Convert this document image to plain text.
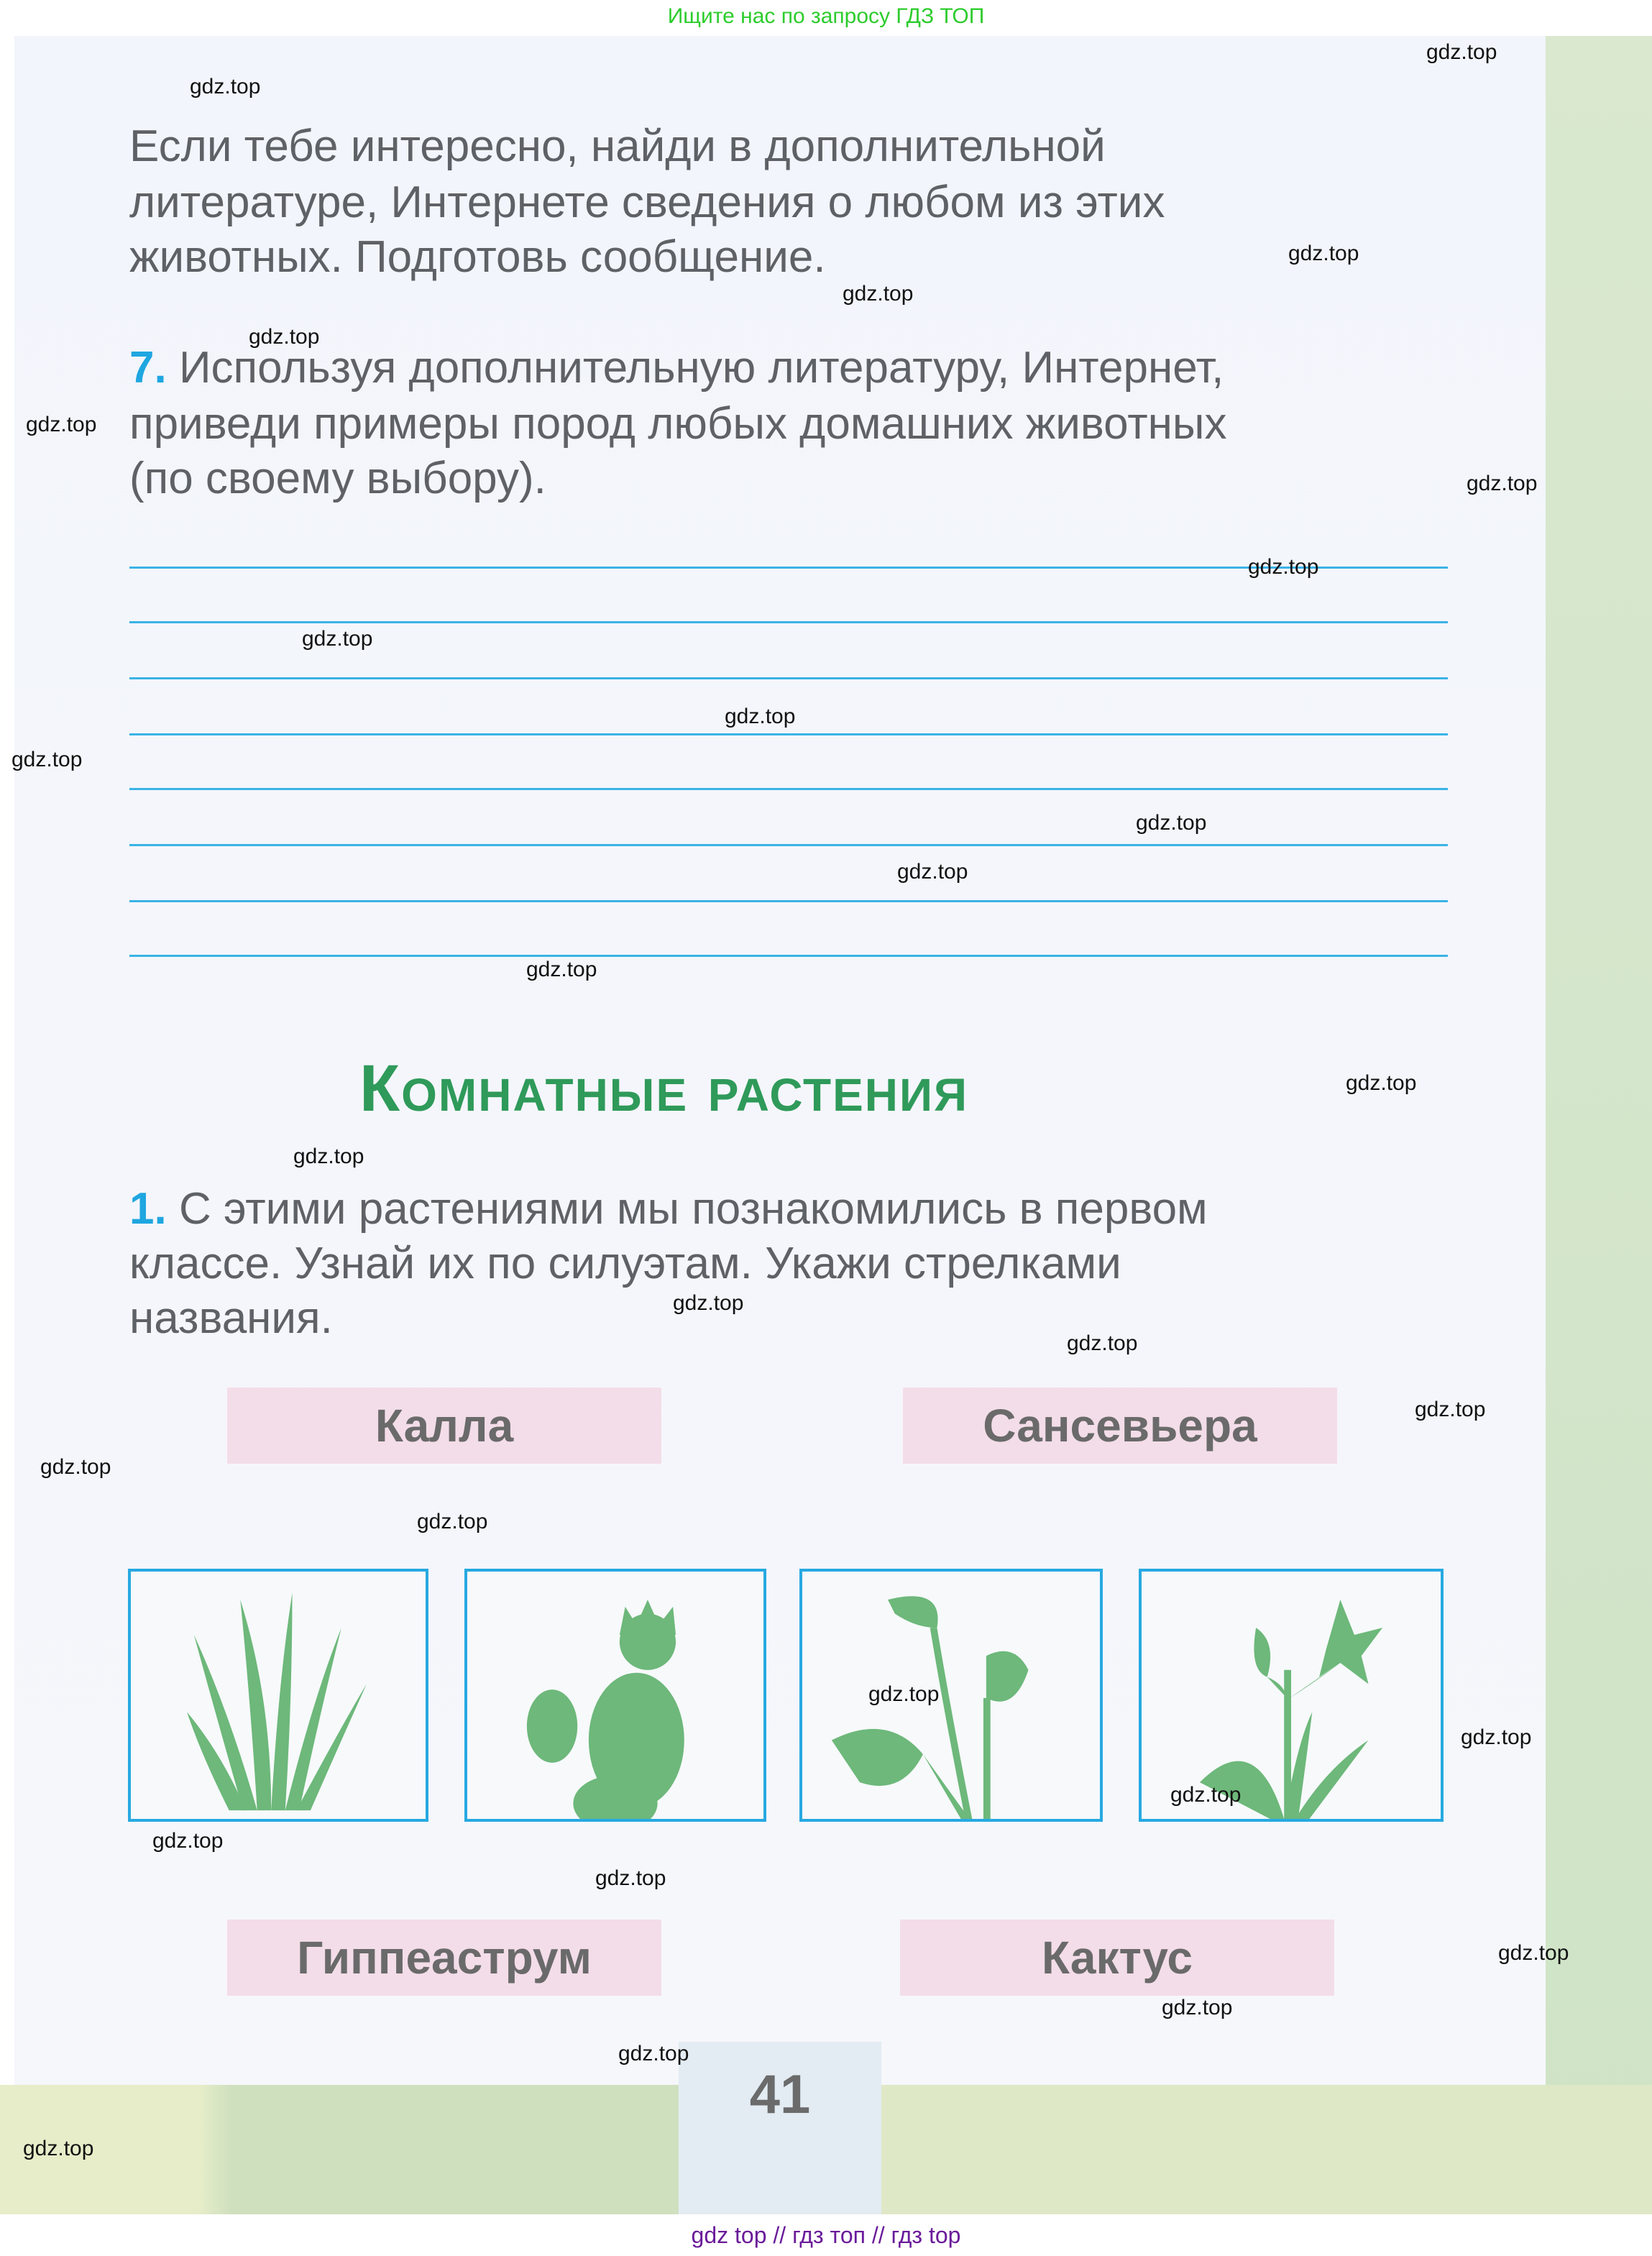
Ищите нас по запросу ГДЗ ТОП
Если тебе интересно, найди в дополнительной
литературе, Интернете сведения о любом из этих
животных. Подготовь сообщение.
7. Используя дополнительную литературу, Интернет,
приведи примеры пород любых домашних животных
(по своему выбору).
Комнатные растения
1. С этими растениями мы познакомились в первом
классе. Узнай их по силуэтам. Укажи стрелками
названия.
Калла	Сансевьера
Гиппеаструм	Кактус
41
gdz top // гдз топ // гдз top
gdz.top
gdz.top
gdz.top
gdz.top
gdz.top
gdz.top
gdz.top
gdz.top
gdz.top
gdz.top
gdz.top
gdz.top
gdz.top
gdz.top
gdz.top
gdz.top
gdz.top
gdz.top
gdz.top
gdz.top
gdz.top
gdz.top
gdz.top
gdz.top
gdz.top
gdz.top
gdz.top
gdz.top
gdz.top
gdz.top
